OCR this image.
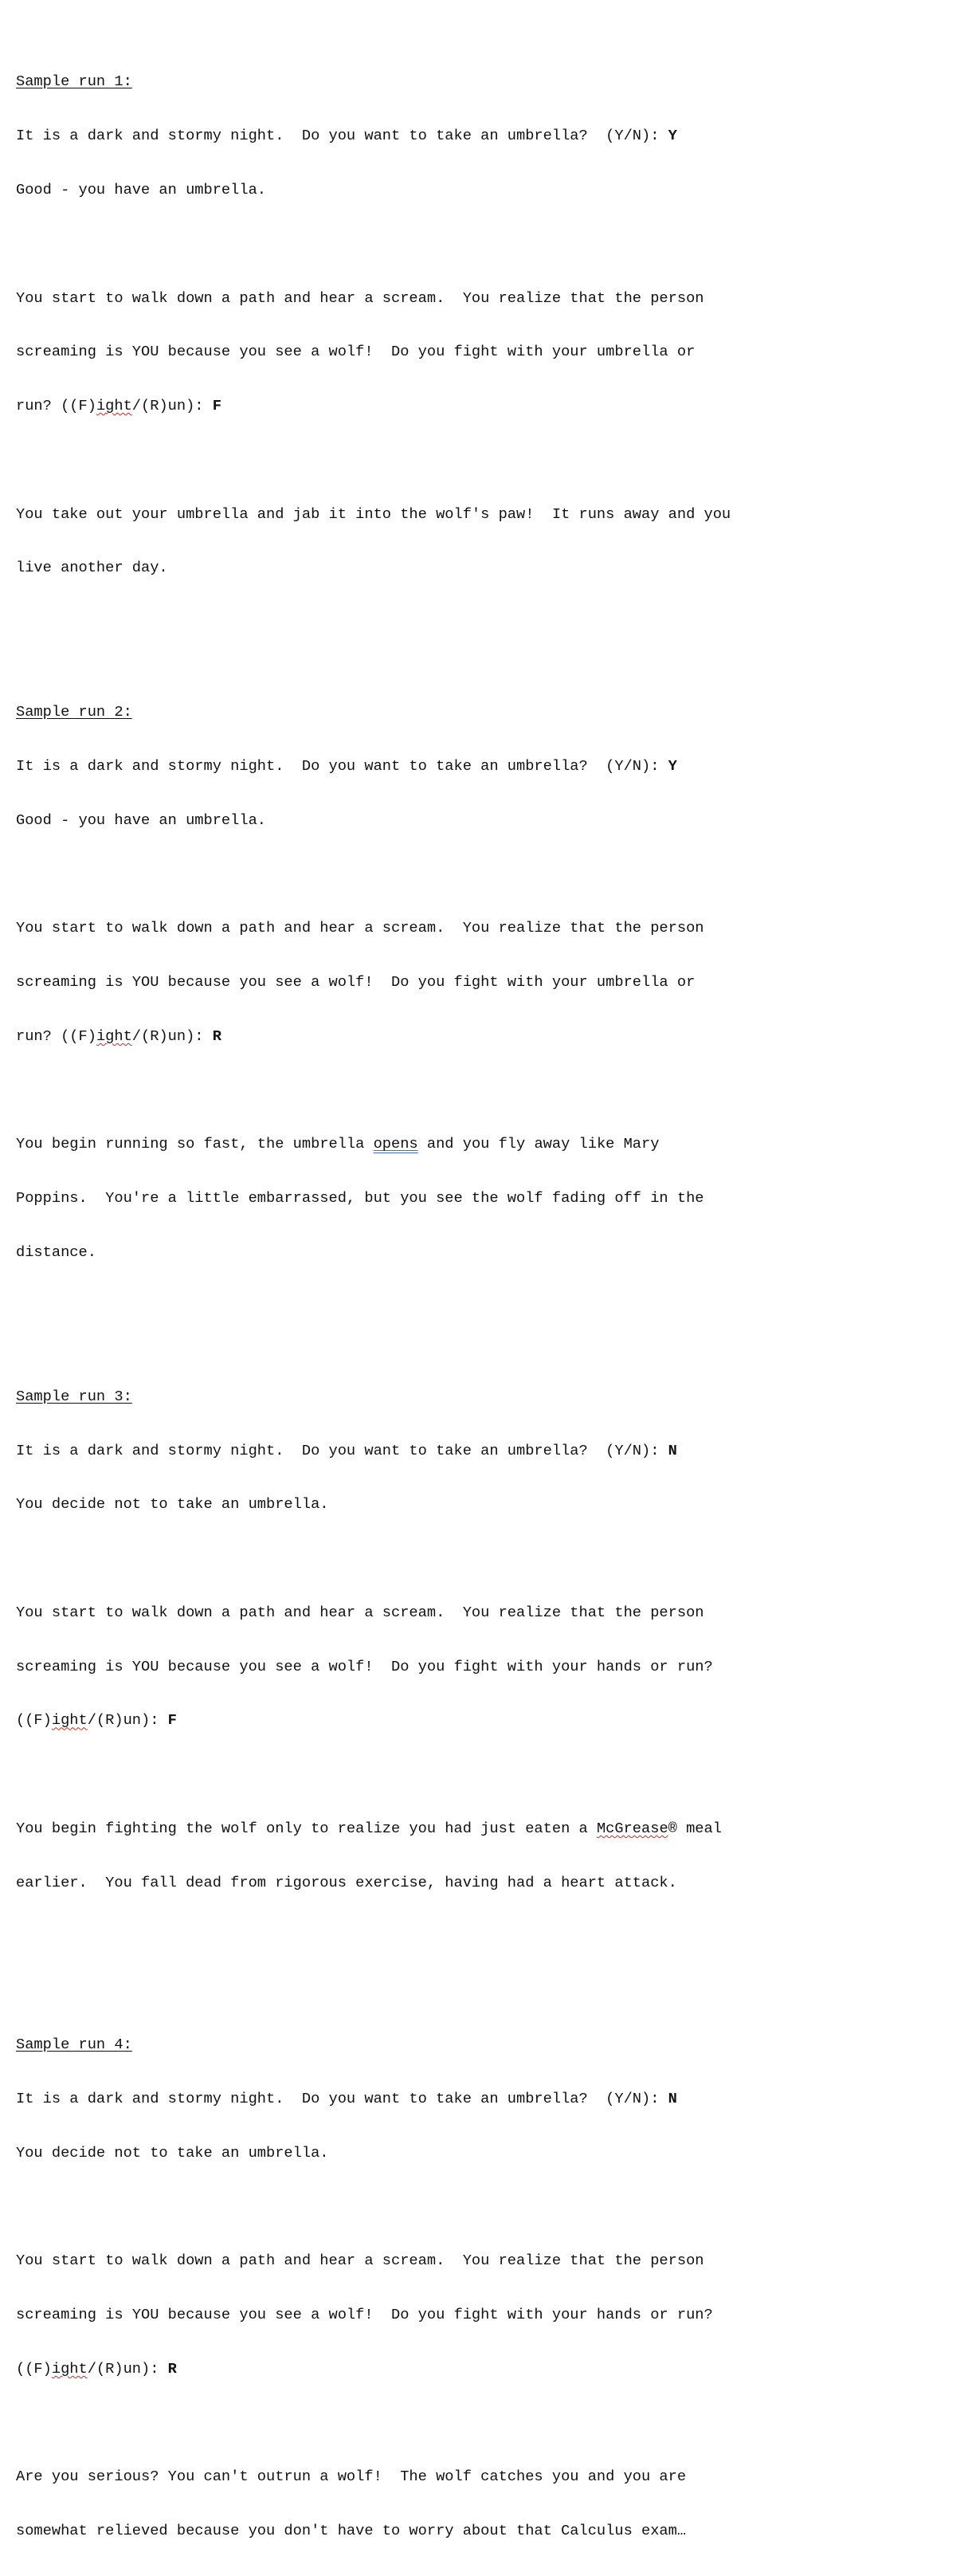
Sample run 1:

It is a dark and stormy night.  Do you want to take an umbrella?  (Y/N): Y

Good - you have an umbrella.

You start to walk down a path and hear a scream.  You realize that the person

screaming is YOU because you see a wolf!  Do you fight with your umbrella or

run? ((F)ight/(R)un): F

You take out your umbrella and jab it into the wolf's paw!  It runs away and you

live another day.

Sample run 2:

It is a dark and stormy night.  Do you want to take an umbrella?  (Y/N): Y

Good - you have an umbrella.

You start to walk down a path and hear a scream.  You realize that the person

screaming is YOU because you see a wolf!  Do you fight with your umbrella or

run? ((F)ight/(R)un): R

You begin running so fast, the umbrella opens and you fly away like Mary

Poppins.  You're a little embarrassed, but you see the wolf fading off in the

distance.

Sample run 3:

It is a dark and stormy night.  Do you want to take an umbrella?  (Y/N): N

You decide not to take an umbrella.

You start to walk down a path and hear a scream.  You realize that the person

screaming is YOU because you see a wolf!  Do you fight with your hands or run?

((F)ight/(R)un): F

You begin fighting the wolf only to realize you had just eaten a McGrease® meal

earlier.  You fall dead from rigorous exercise, having had a heart attack.

Sample run 4:

It is a dark and stormy night.  Do you want to take an umbrella?  (Y/N): N

You decide not to take an umbrella.

You start to walk down a path and hear a scream.  You realize that the person

screaming is YOU because you see a wolf!  Do you fight with your hands or run?

((F)ight/(R)un): R

Are you serious? You can't outrun a wolf!  The wolf catches you and you are

somewhat relieved because you don't have to worry about that Calculus exam…
